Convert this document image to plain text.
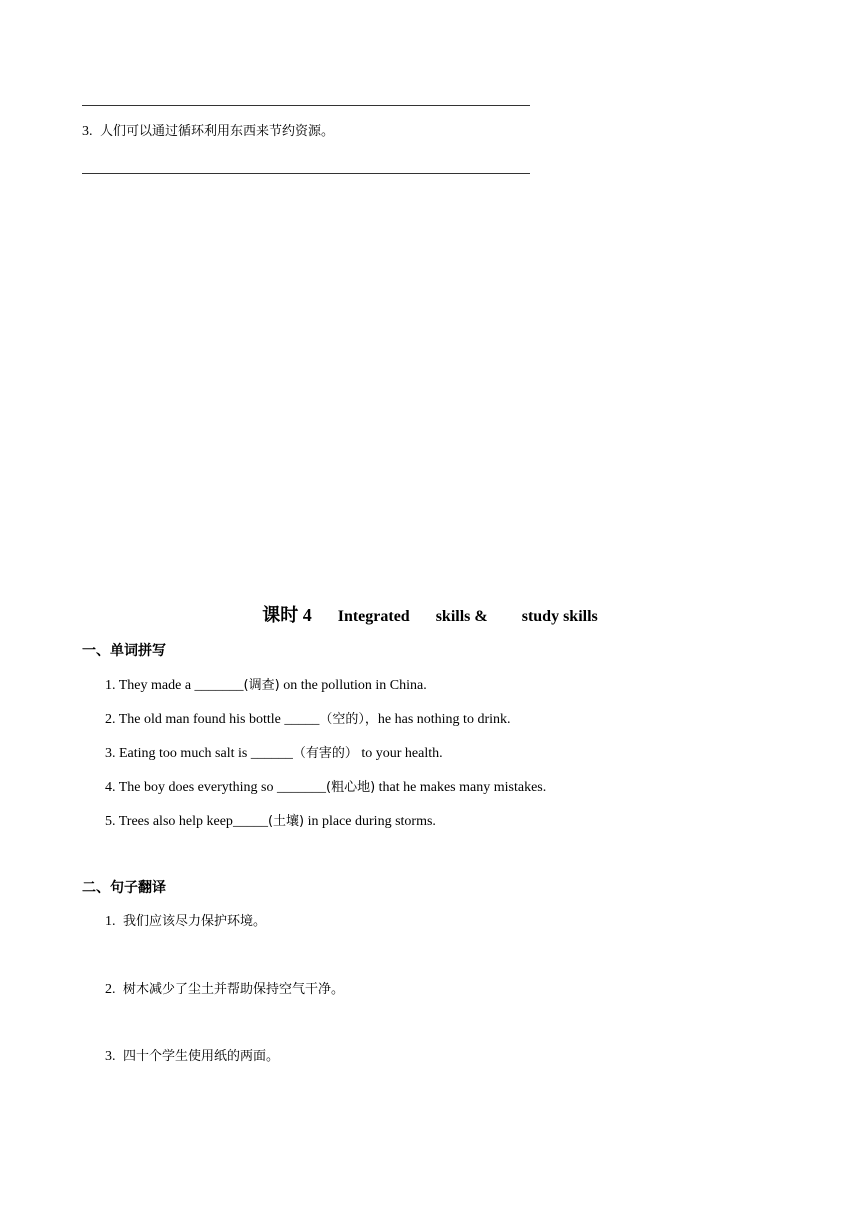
3. 人们可以通过循环利用东西来节约资源。
课时 4 Integrated skills & study skills
一、单词拼写
1. They made a _______(调查) on the pollution in China.
2. The old man found his bottle _____（空的），he has nothing to drink.
3. Eating too much salt is ______（有害的） to your health.
4. The boy does everything so _______(粗心地) that he makes many mistakes.
5. Trees also help keep_____(土壤) in place during storms.
二、句子翻译
1. 我们应该尽力保护环境。
2. 树木减少了尘土并帮助保持空气干净。
3. 四十个学生使用纸的两面。
